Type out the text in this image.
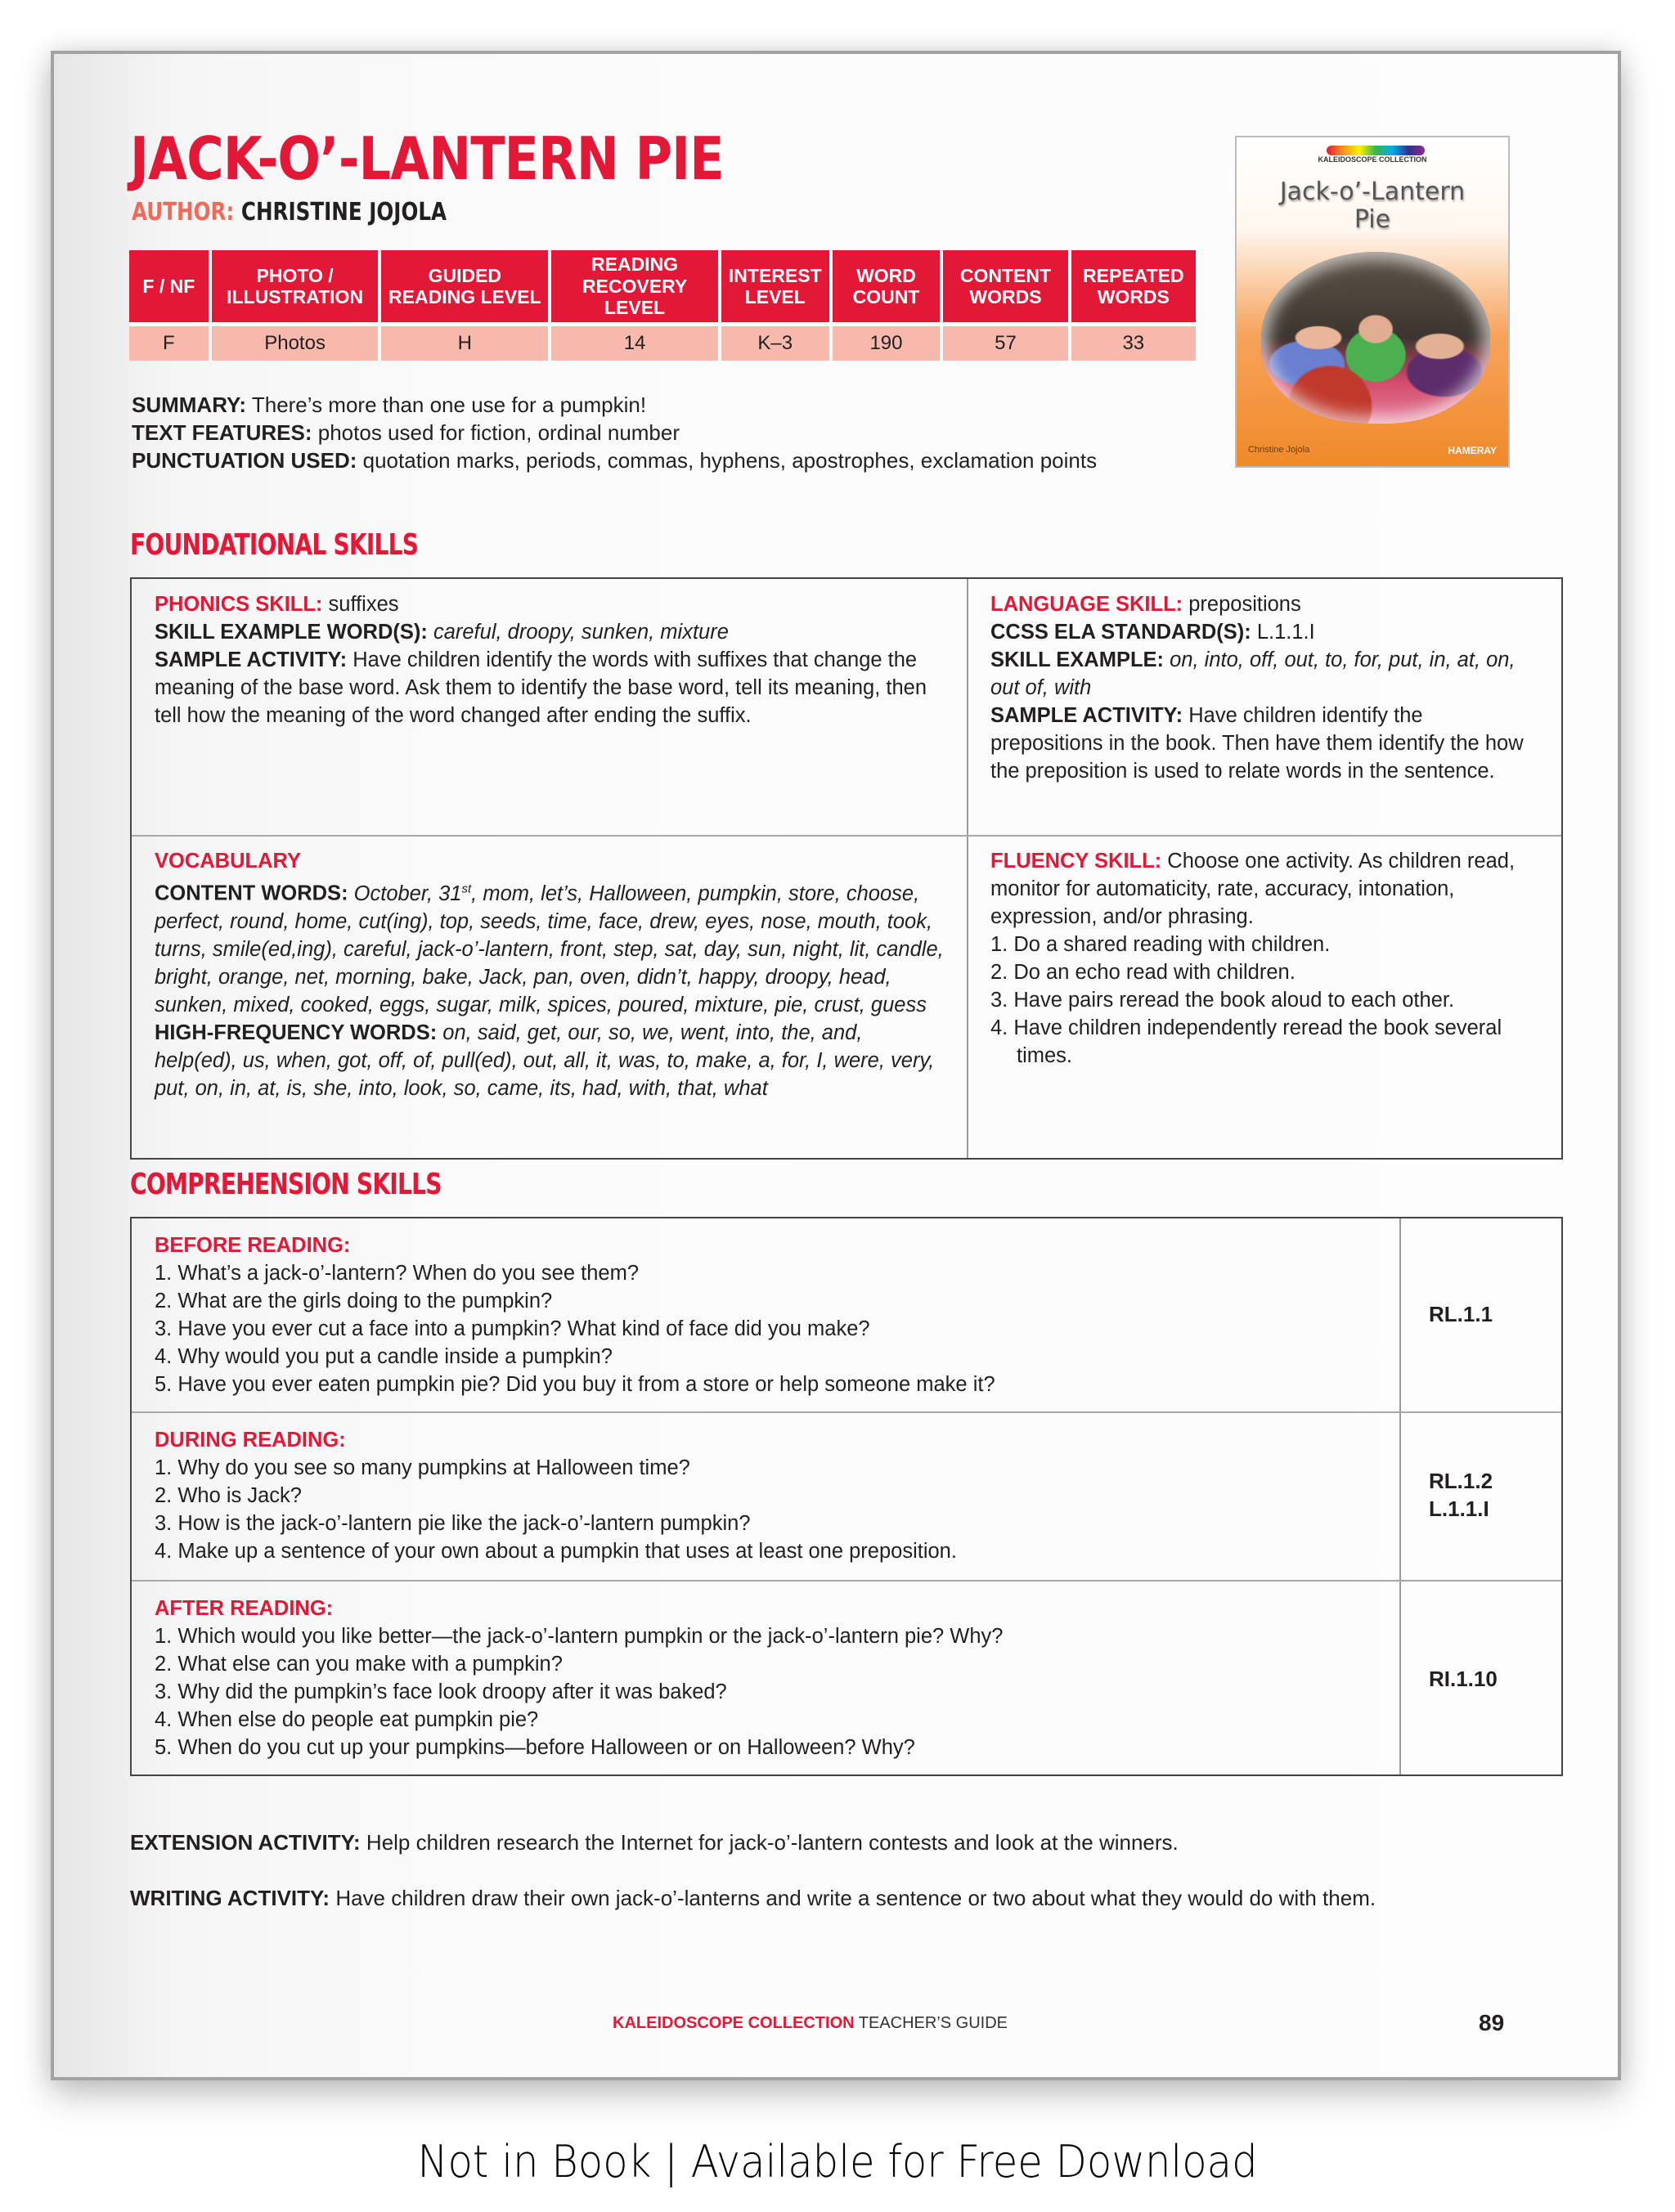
JACK-O’-LANTERN PIE
AUTHOR: CHRISTINE JOJOLA
F / NF	PHOTO / ILLUSTRATION	GUIDED READING LEVEL	READING RECOVERY LEVEL	INTEREST LEVEL	WORD COUNT	CONTENT WORDS	REPEATED WORDS
F	Photos	H	14	K–3	190	57	33
SUMMARY: There’s more than one use for a pumpkin!
TEXT FEATURES: photos used for fiction, ordinal number
PUNCTUATION USED: quotation marks, periods, commas, hyphens, apostrophes, exclamation points
KALEIDOSCOPE COLLECTION
Jack-o’-Lantern
Pie
Christine Jojola	HAMERAY
FOUNDATIONAL SKILLS
PHONICS SKILL: suffixes
SKILL EXAMPLE WORD(S): careful, droopy, sunken, mixture
SAMPLE ACTIVITY: Have children identify the words with suffixes that change the meaning of the base word. Ask them to identify the base word, tell its meaning, then tell how the meaning of the word changed after ending the suffix.
LANGUAGE SKILL: prepositions
CCSS ELA STANDARD(S): L.1.1.I
SKILL EXAMPLE: on, into, off, out, to, for, put, in, at, on, out of, with
SAMPLE ACTIVITY: Have children identify the prepositions in the book. Then have them identify the how the preposition is used to relate words in the sentence.
VOCABULARY
CONTENT WORDS: October, 31st, mom, let’s, Halloween, pumpkin, store, choose, perfect, round, home, cut(ing), top, seeds, time, face, drew, eyes, nose, mouth, took, turns, smile(ed,ing), careful, jack-o’-lantern, front, step, sat, day, sun, night, lit, candle, bright, orange, net, morning, bake, Jack, pan, oven, didn’t, happy, droopy, head, sunken, mixed, cooked, eggs, sugar, milk, spices, poured, mixture, pie, crust, guess
HIGH-FREQUENCY WORDS: on, said, get, our, so, we, went, into, the, and, help(ed), us, when, got, off, of, pull(ed), out, all, it, was, to, make, a, for, I, were, very, put, on, in, at, is, she, into, look, so, came, its, had, with, that, what
FLUENCY SKILL: Choose one activity. As children read, monitor for automaticity, rate, accuracy, intonation, expression, and/or phrasing.
1. Do a shared reading with children.
2. Do an echo read with children.
3. Have pairs reread the book aloud to each other.
4. Have children independently reread the book several times.
COMPREHENSION SKILLS
BEFORE READING:
1. What’s a jack-o’-lantern? When do you see them?
2. What are the girls doing to the pumpkin?
3. Have you ever cut a face into a pumpkin? What kind of face did you make?
4. Why would you put a candle inside a pumpkin?
5. Have you ever eaten pumpkin pie? Did you buy it from a store or help someone make it?
RL.1.1
DURING READING:
1. Why do you see so many pumpkins at Halloween time?
2. Who is Jack?
3. How is the jack-o’-lantern pie like the jack-o’-lantern pumpkin?
4. Make up a sentence of your own about a pumpkin that uses at least one preposition.
RL.1.2
L.1.1.I
AFTER READING:
1. Which would you like better—the jack-o’-lantern pumpkin or the jack-o’-lantern pie? Why?
2. What else can you make with a pumpkin?
3. Why did the pumpkin’s face look droopy after it was baked?
4. When else do people eat pumpkin pie?
5. When do you cut up your pumpkins—before Halloween or on Halloween? Why?
RI.1.10
EXTENSION ACTIVITY: Help children research the Internet for jack-o’-lantern contests and look at the winners.
WRITING ACTIVITY: Have children draw their own jack-o’-lanterns and write a sentence or two about what they would do with them.
KALEIDOSCOPE COLLECTION TEACHER’S GUIDE	89
Not in Book | Available for Free Download
